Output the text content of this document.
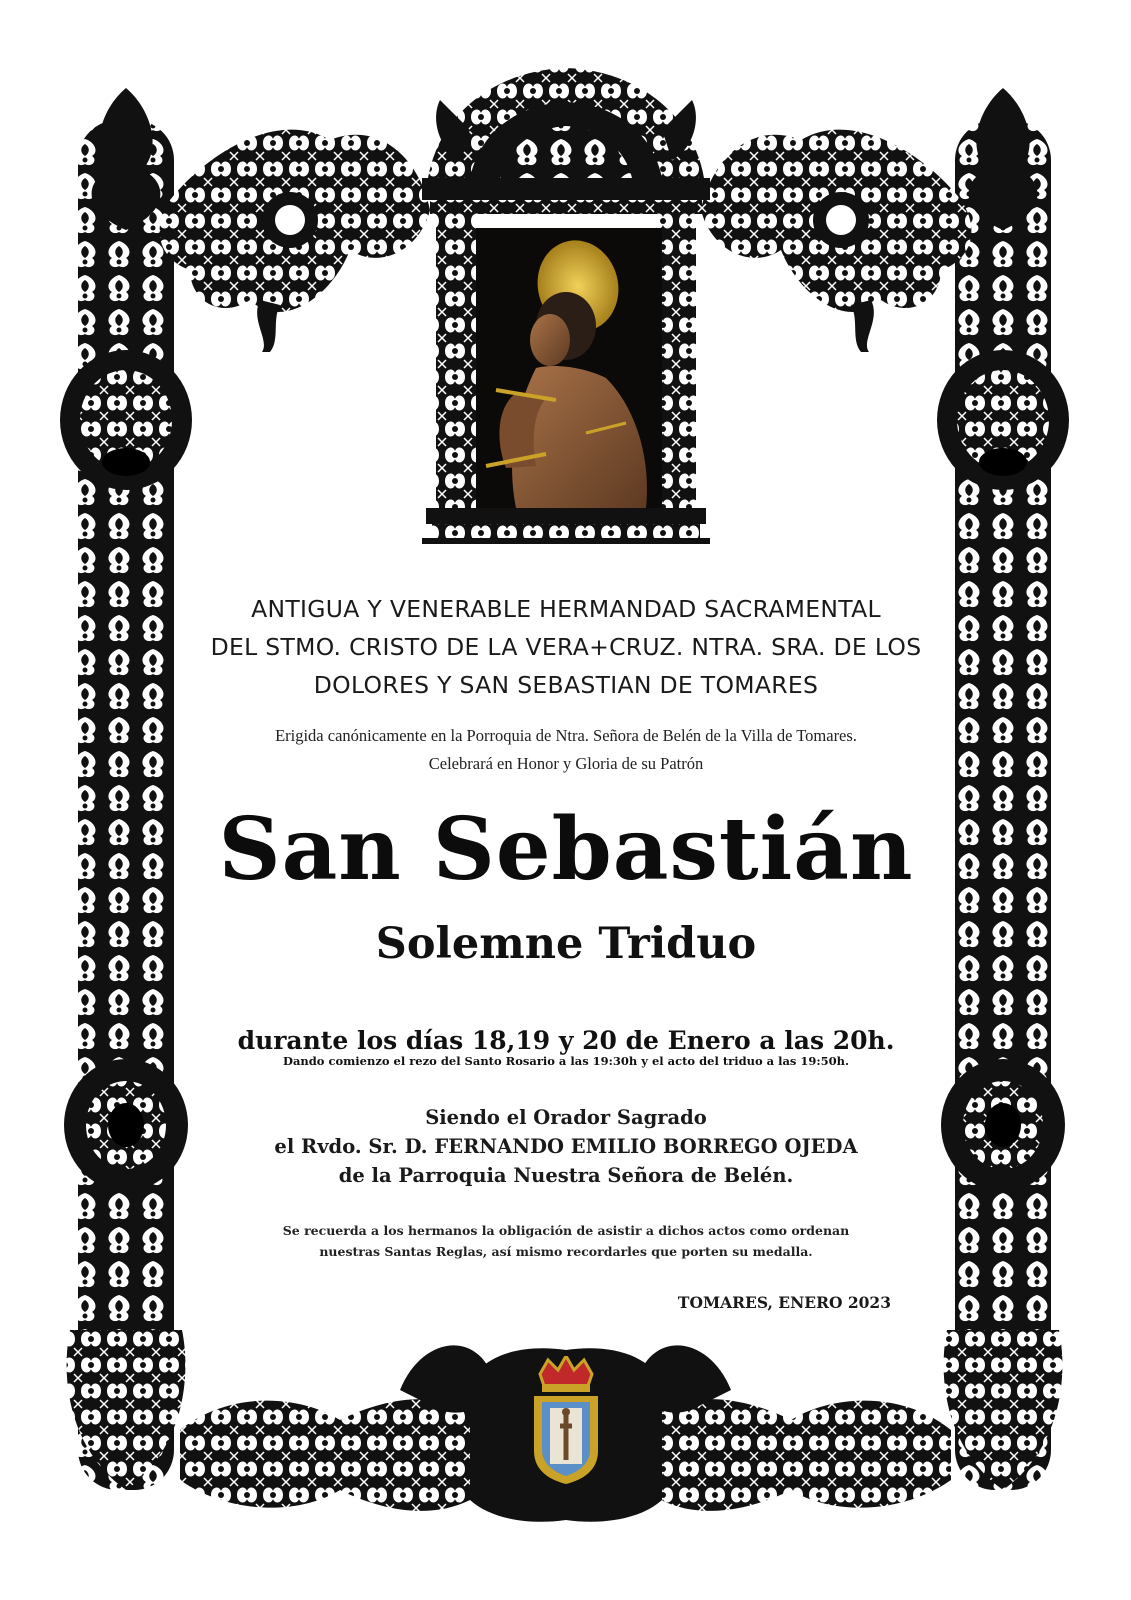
ANTIGUA Y VENERABLE HERMANDAD SACRAMENTAL
DEL STMO. CRISTO DE LA VERA+CRUZ. NTRA. SRA. DE LOS
DOLORES Y SAN SEBASTIAN DE TOMARES
Erigida canónicamente en la Porroquia de Ntra. Señora de Belén de la Villa de Tomares.
Celebrará en Honor y Gloria de su Patrón
San Sebastián
Solemne Triduo
durante los días 18,19 y 20 de Enero a las 20h.
Dando comienzo el rezo del Santo Rosario a las 19:30h y el acto del triduo a las 19:50h.
Siendo el Orador Sagrado
el Rvdo. Sr. D. FERNANDO EMILIO BORREGO OJEDA
de la Parroquia Nuestra Señora de Belén.
Se recuerda a los hermanos la obligación de asistir a dichos actos como ordenan
nuestras Santas Reglas, así mismo recordarles que porten su medalla.
TOMARES, ENERO 2023
